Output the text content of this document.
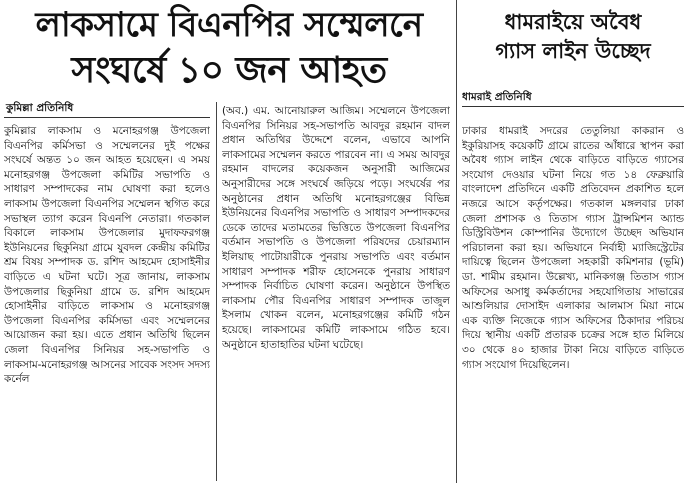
লাকসামে বিএনপির সম্মেলনে
সংঘর্ষে ১০ জন আহত
কুমিল্লা প্রতিনিধি

কুমিল্লার লাকসাম ও মনোহরগঞ্জ উপজেলা বিএনপির কর্মিসভা ও সম্মেলনের দুই পক্ষের সংঘর্ষে অন্তত ১০ জন আহত হয়েছেন। এ সময় মনোহরগঞ্জ উপজেলা কমিটির সভাপতি ও সাধারণ সম্পাদকের নাম ঘোষণা করা হলেও লাকসাম উপজেলা বিএনপির সম্মেলন স্থগিত করে সভাস্থল ত্যাগ করেন বিএনপি নেতারা। গতকাল বিকালে লাকসাম উপজেলার মুদাফফরগঞ্জ ইউনিয়নের ছিকুনিয়া গ্রামে যুবদল কেন্দ্রীয় কমিটির শ্রম বিষয় সম্পাদক ড. রশিদ আহমেদ হোসাইনীর বাড়িতে এ ঘটনা ঘটে। সূত্র জানায়, লাকসাম উপজেলার ছিকুনিয়া গ্রামে ড. রশিদ আহমেদ হোসাইনীর বাড়িতে লাকসাম ও মনোহরগঞ্জ উপজেলা বিএনপির কর্মিসভা এবং সম্মেলনের আয়োজন করা হয়। এতে প্রধান অতিথি ছিলেন জেলা বিএনপির সিনিয়র সহ-সভাপতি ও লাকসাম-মনোহরগঞ্জ আসনের সাবেক সংসদ সদস্য কর্নেল

(অব.) এম. আনোয়ারুল আজিম। সম্মেলনে উপজেলা বিএনপির সিনিয়র সহ-সভাপতি আবদুর রহমান বাদল প্রধান অতিথির উদ্দেশে বলেন, এভাবে আপনি লাকসামের সম্মেলন করতে পারবেন না। এ সময় আবদুর রহমান বাদলের কয়েকজন অনুসারী আজিমের অনুসারীদের সঙ্গে সংঘর্ষে জড়িয়ে পড়ে। সংঘর্ষের পর অনুষ্ঠানের প্রধান অতিথি মনোহরগঞ্জের বিভিন্ন ইউনিয়নের বিএনপির সভাপতি ও সাধারণ সম্পাদকদের ডেকে তাদের মতামতের ভিত্তিতে উপজেলা বিএনপির বর্তমান সভাপতি ও উপজেলা পরিষদের চেয়ারম্যান ইলিয়াছ পাটোয়ারীকে পুনরায় সভাপতি এবং বর্তমান সাধারণ সম্পাদক শরীফ হোসেনকে পুনরায় সাধারণ সম্পাদক নির্বাচিত ঘোষণা করেন। অনুষ্ঠানে উপস্থিত লাকসাম পৌর বিএনপির সাধারণ সম্পাদক তাজুল ইসলাম খোকন বলেন, মনোহরগঞ্জের কমিটি গঠন হয়েছে। লাকসামের কমিটি লাকসামে গঠিত হবে। অনুষ্ঠানে হাতাহাতির ঘটনা ঘটেছে।

ধামরাইয়ে অবৈধ
গ্যাস লাইন উচ্ছেদ
ধামরাই প্রতিনিধি

ঢাকার ধামরাই সদরের তেতুলিয়া কাকরান ও ইকুরিয়াসহ কয়েকটি গ্রামে রাতের আঁধারে স্থাপন করা অবৈধ গ্যাস লাইন থেকে বাড়িতে বাড়িতে গ্যাসের সংযোগ দেওয়ার ঘটনা নিয়ে গত ১৪ ফেব্রুয়ারি বাংলাদেশ প্রতিদিনে একটি প্রতিবেদন প্রকাশিত হলে নজরে আসে কর্তৃপক্ষের। গতকাল মঙ্গলবার ঢাকা জেলা প্রশাসক ও তিতাস গ্যাস ট্রান্সমিশন অ্যান্ড ডিস্ট্রিবিউশন কোম্পানির উদ্যোগে উচ্ছেদ অভিযান পরিচালনা করা হয়। অভিযানে নির্বাহী ম্যাজিস্ট্রেটের দায়িত্বে ছিলেন উপজেলা সহকারী কমিশনার (ভূমি) ডা. শামীম রহমান। উল্লেখ্য, মানিকগঞ্জ তিতাস গ্যাস অফিসের অসাধু কর্মকর্তাদের সহযোগিতায় সাভারের আশুলিয়ার দোসাইদ এলাকার আলমাস মিয়া নামে এক ব্যক্তি নিজেকে গ্যাস অফিসের ঠিকাদার পরিচয় দিয়ে স্থানীয় একটি প্রতারক চক্রের সঙ্গে হাত মিলিয়ে ৩০ থেকে ৪০ হাজার টাকা নিয়ে বাড়িতে বাড়িতে গ্যাস সংযোগ দিয়েছিলেন।
